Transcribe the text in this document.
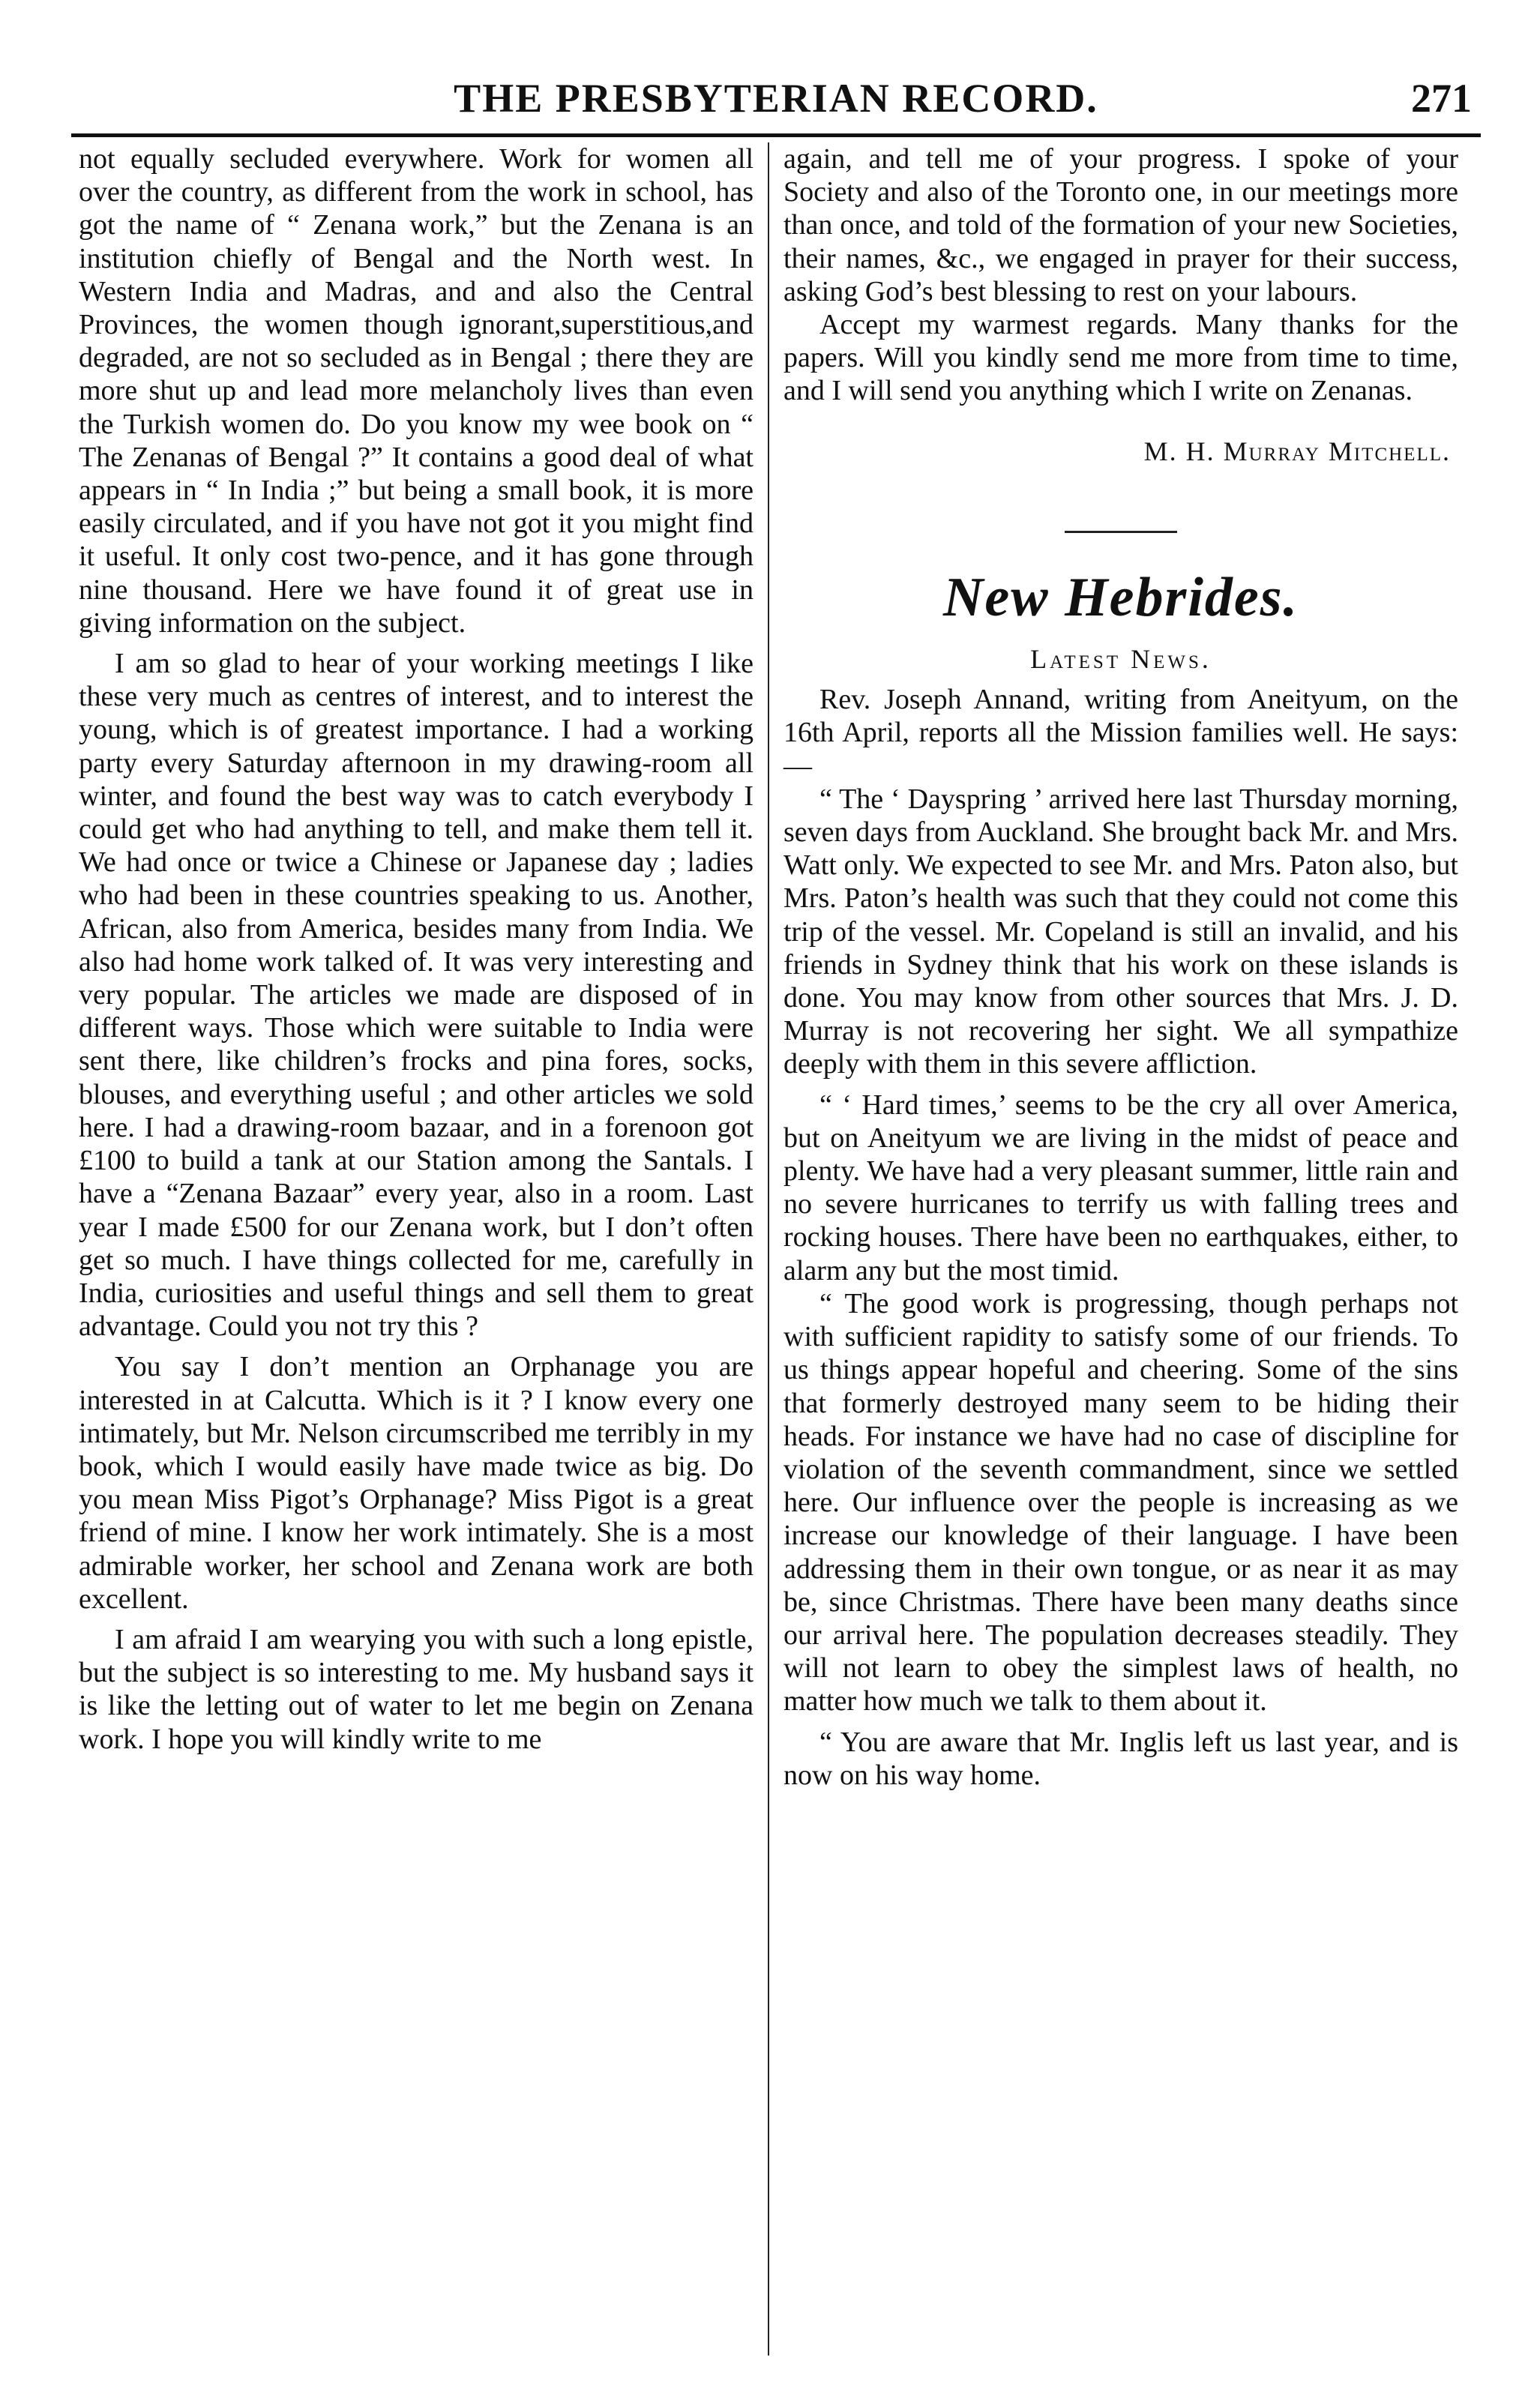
THE PRESBYTERIAN RECORD.	271

not equally secluded everywhere. Work for women all over the country, as different from the work in school, has got the name of “ Zenana work,” but the Zenana is an institution chiefly of Bengal and the North west. In Western India and Madras, and and also the Central Provinces, the women though ignorant,superstitious,and degraded, are not so secluded as in Bengal ; there they are more shut up and lead more melancholy lives than even the Turkish women do. Do you know my wee book on “ The Zenanas of Bengal ?” It contains a good deal of what appears in “ In India ;” but being a small book, it is more easily circulated, and if you have not got it you might find it useful. It only cost two-pence, and it has gone through nine thousand. Here we have found it of great use in giving information on the subject.

I am so glad to hear of your working meetings I like these very much as centres of interest, and to interest the young, which is of greatest importance. I had a working party every Saturday afternoon in my drawing-room all winter, and found the best way was to catch everybody I could get who had anything to tell, and make them tell it. We had once or twice a Chinese or Japanese day ; ladies who had been in these countries speaking to us. Another, African, also from America, besides many from India. We also had home work talked of. It was very interesting and very popular. The articles we made are disposed of in different ways. Those which were suitable to India were sent there, like children’s frocks and pina fores, socks, blouses, and everything useful ; and other articles we sold here. I had a drawing-room bazaar, and in a forenoon got £100 to build a tank at our Station among the Santals. I have a “Zenana Bazaar” every year, also in a room. Last year I made £500 for our Zenana work, but I don’t often get so much. I have things collected for me, carefully in India, curiosities and useful things and sell them to great advantage. Could you not try this ?

You say I don’t mention an Orphanage you are interested in at Calcutta. Which is it ? I know every one intimately, but Mr. Nelson circumscribed me terribly in my book, which I would easily have made twice as big. Do you mean Miss Pigot’s Orphanage? Miss Pigot is a great friend of mine. I know her work intimately. She is a most admirable worker, her school and Zenana work are both excellent.

I am afraid I am wearying you with such a long epistle, but the subject is so interesting to me. My husband says it is like the letting out of water to let me begin on Zenana work. I hope you will kindly write to me

again, and tell me of your progress. I spoke of your Society and also of the Toronto one, in our meetings more than once, and told of the formation of your new Societies, their names, &c., we engaged in prayer for their success, asking God’s best blessing to rest on your labours.

Accept my warmest regards. Many thanks for the papers. Will you kindly send me more from time to time, and I will send you anything which I write on Zenanas.

M. H. Murray Mitchell.
New Hebrides.
Latest News.

Rev. Joseph Annand, writing from Aneityum, on the 16th April, reports all the Mission families well. He says:—

“ The ‘ Dayspring ’ arrived here last Thursday morning, seven days from Auckland. She brought back Mr. and Mrs. Watt only. We expected to see Mr. and Mrs. Paton also, but Mrs. Paton’s health was such that they could not come this trip of the vessel. Mr. Copeland is still an invalid, and his friends in Sydney think that his work on these islands is done. You may know from other sources that Mrs. J. D. Murray is not recovering her sight. We all sympathize deeply with them in this severe affliction.

“ ‘ Hard times,’ seems to be the cry all over America, but on Aneityum we are living in the midst of peace and plenty. We have had a very pleasant summer, little rain and no severe hurricanes to terrify us with falling trees and rocking houses. There have been no earthquakes, either, to alarm any but the most timid.

“ The good work is progressing, though perhaps not with sufficient rapidity to satisfy some of our friends. To us things appear hopeful and cheering. Some of the sins that formerly destroyed many seem to be hiding their heads. For instance we have had no case of discipline for violation of the seventh commandment, since we settled here. Our influence over the people is increasing as we increase our knowledge of their language. I have been addressing them in their own tongue, or as near it as may be, since Christmas. There have been many deaths since our arrival here. The population decreases steadily. They will not learn to obey the simplest laws of health, no matter how much we talk to them about it.

“ You are aware that Mr. Inglis left us last year, and is now on his way home.
